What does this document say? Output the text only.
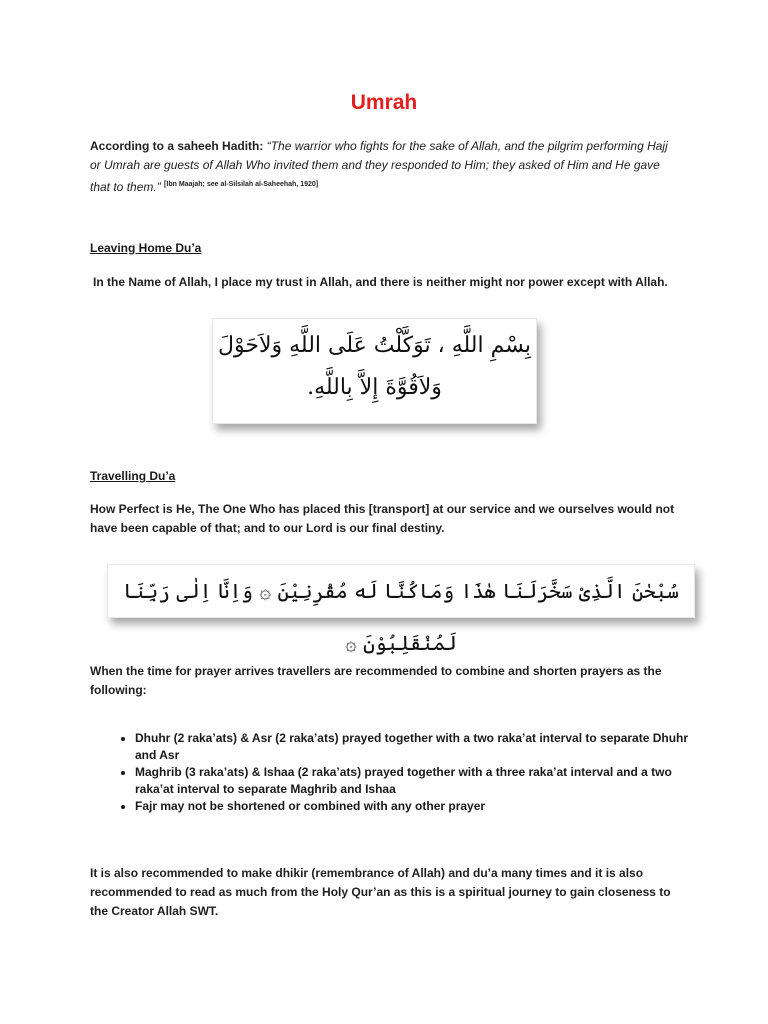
Umrah
According to a saheeh Hadith: “The warrior who fights for the sake of Allah, and the pilgrim performing Hajj or Umrah are guests of Allah Who invited them and they responded to Him; they asked of Him and He gave that to them.” [Ibn Maajah; see al-Silsilah al-Saheehah, 1920]
Leaving Home Du’a
In the Name of Allah, I place my trust in Allah, and there is neither might nor power except with Allah.
بِسْمِ اللَّهِ ، تَوَكَّلْتُ عَلَى اللَّهِ وَلاَحَوْلَ
وَلاَقُوَّةَ إِلاَّ بِاللَّهِ.
Travelling Du’a
How Perfect is He, The One Who has placed this [transport] at our service and we ourselves would not have been capable of that; and to our Lord is our final destiny.
سُبْحٰنَ الَّذِىْ سَخَّرَلَنَا هٰذَا وَمَاكُنَّا لَه مُقْرِنِيْنَ ۞ وَاِنَّا اِلٰى رَبِّنَا لَمُنْقَلِبُوْنَ ۞
When the time for prayer arrives travellers are recommended to combine and shorten prayers as the following:
• Dhuhr (2 raka’ats) & Asr (2 raka’ats) prayed together with a two raka’at interval to separate Dhuhr and Asr
• Maghrib (3 raka’ats) & Ishaa (2 raka’ats) prayed together with a three raka’at interval and a two raka’at interval to separate Maghrib and Ishaa
• Fajr may not be shortened or combined with any other prayer
It is also recommended to make dhikir (remembrance of Allah) and du’a many times and it is also recommended to read as much from the Holy Qur’an as this is a spiritual journey to gain closeness to the Creator Allah SWT.
